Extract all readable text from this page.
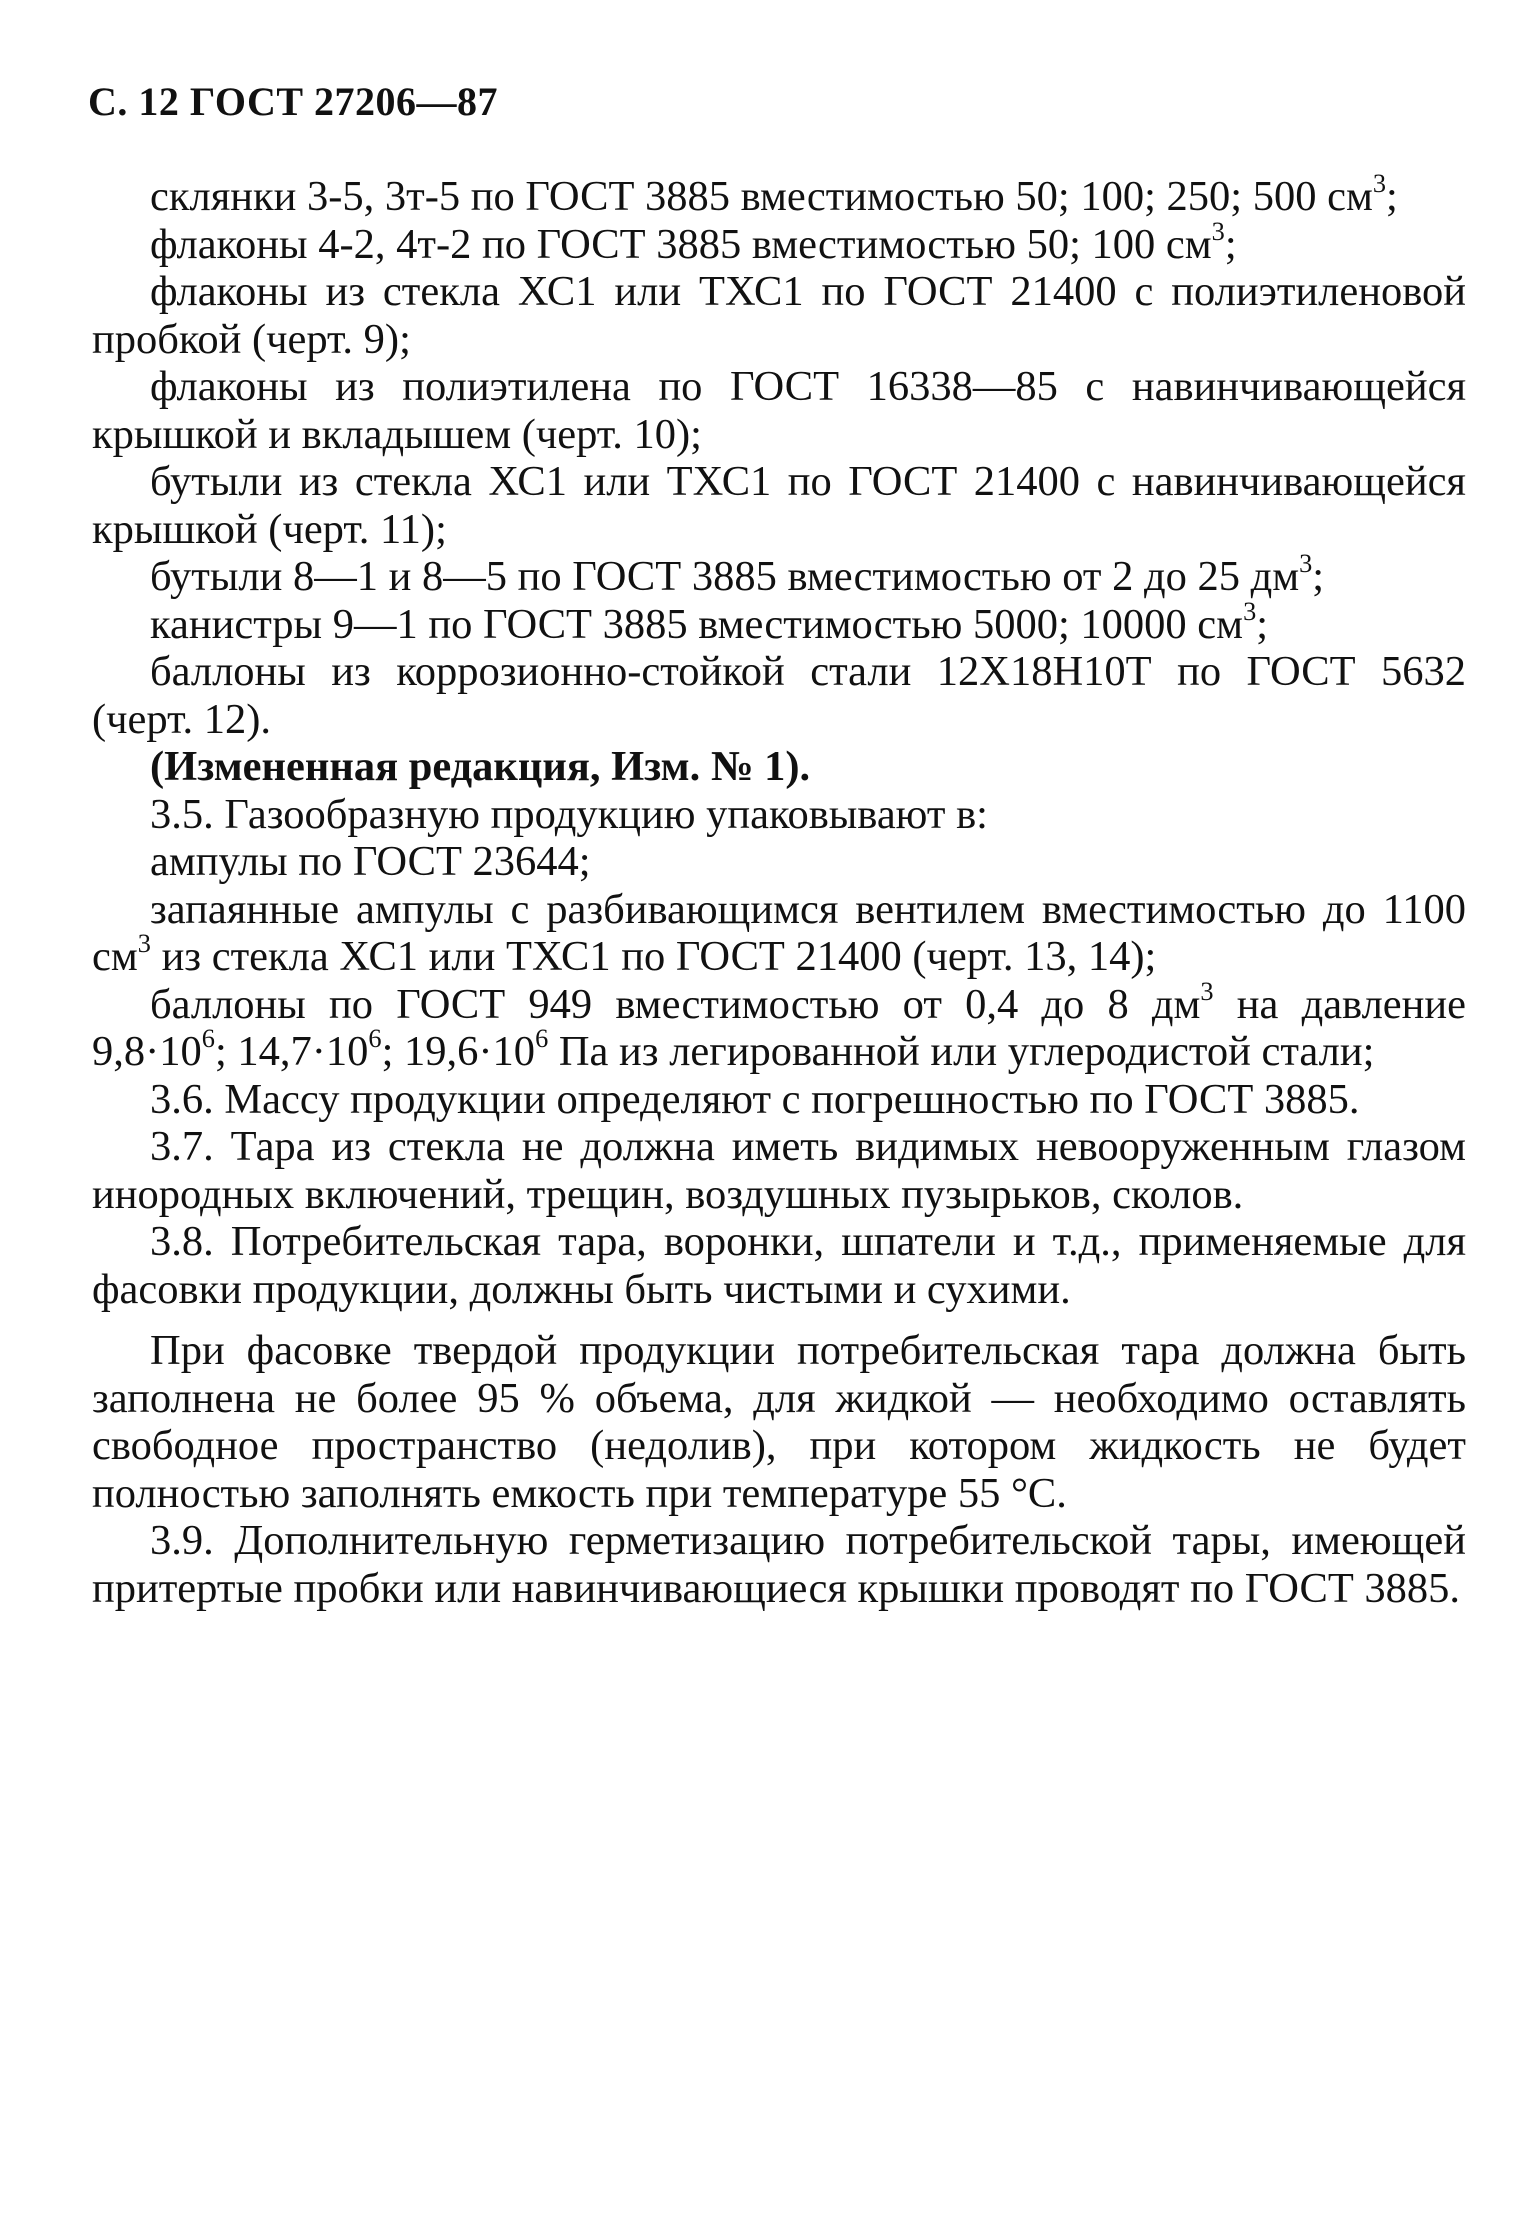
С. 12 ГОСТ 27206—87

склянки 3-5, 3т-5 по ГОСТ 3885 вместимостью 50; 100; 250; 500 $см^3$;

флаконы 4-2, 4т-2 по ГОСТ 3885 вместимостью 50; 100 $см^3$;

флаконы из стекла ХС1 или ТХС1 по ГОСТ 21400 с полиэтиленовой пробкой (черт. 9);

флаконы из полиэтилена по ГОСТ 16338—85 с навинчивающейся крышкой и вкладышем (черт. 10);

бутыли из стекла ХС1 или ТХС1 по ГОСТ 21400 с навинчивающейся крышкой (черт. 11);

бутыли 8—1 и 8—5 по ГОСТ 3885 вместимостью от 2 до 25 $дм^3$;

канистры 9—1 по ГОСТ 3885 вместимостью 5000; 10000 $см^3$;

баллоны из коррозионно-стойкой стали 12Х18Н10Т по ГОСТ 5632 (черт. 12).

(Измененная редакция, Изм. № 1).

3.5. Газообразную продукцию упаковывают в:

ампулы по ГОСТ 23644;

запаянные ампулы с разбивающимся вентилем вместимостью до 1100 $см^3$ из стекла ХС1 или ТХС1 по ГОСТ 21400 (черт. 13, 14);

баллоны по ГОСТ 949 вместимостью от 0,4 до 8 $дм^3$ на давление $9,8\cdot 10^6$; $14,7\cdot 10^6$; $19,6\cdot 10^6$ Па из легированной или углеродистой стали;

3.6. Массу продукции определяют с погрешностью по ГОСТ 3885.

3.7. Тара из стекла не должна иметь видимых невооруженным глазом инородных включений, трещин, воздушных пузырьков, сколов.

3.8. Потребительская тара, воронки, шпатели и т.д., применяемые для фасовки продукции, должны быть чистыми и сухими.

При фасовке твердой продукции потребительская тара должна быть заполнена не более 95 % объема, для жидкой — необходимо оставлять свободное пространство (недолив), при котором жидкость не будет полностью заполнять емкость при температуре 55 °С.

3.9. Дополнительную герметизацию потребительской тары, имеющей притертые пробки или навинчивающиеся крышки проводят по ГОСТ 3885.
